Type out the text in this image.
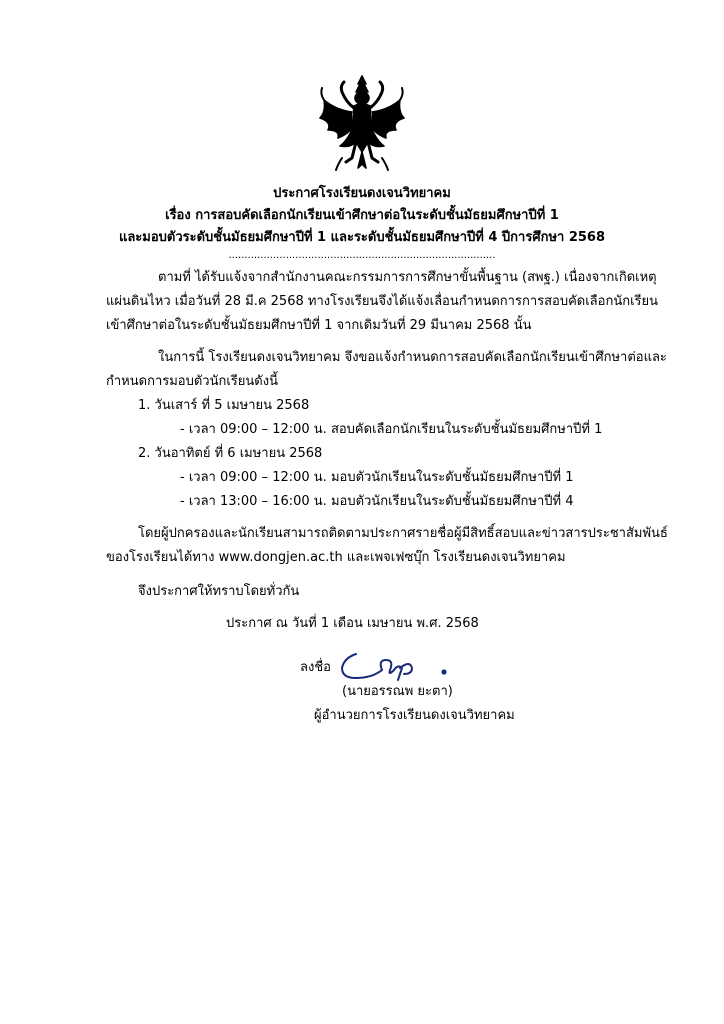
ประกาศโรงเรียนดงเจนวิทยาคม
เรื่อง การสอบคัดเลือกนักเรียนเข้าศึกษาต่อในระดับชั้นมัธยมศึกษาปีที่ 1
และมอบตัวระดับชั้นมัธยมศึกษาปีที่ 1 และระดับชั้นมัธยมศึกษาปีที่ 4 ปีการศึกษา 2568
....................................................................................
ตามที่ ได้รับแจ้งจากสำนักงานคณะกรรมการการศึกษาขั้นพื้นฐาน (สพฐ.) เนื่องจากเกิดเหตุ
แผ่นดินไหว เมื่อวันที่ 28 มี.ค 2568 ทางโรงเรียนจึงได้แจ้งเลื่อนกำหนดการการสอบคัดเลือกนักเรียน
เข้าศึกษาต่อในระดับชั้นมัธยมศึกษาปีที่ 1 จากเดิมวันที่ 29 มีนาคม 2568 นั้น
ในการนี้ โรงเรียนดงเจนวิทยาคม จึงขอแจ้งกำหนดการสอบคัดเลือกนักเรียนเข้าศึกษาต่อและ
กำหนดการมอบตัวนักเรียนดังนี้
1. วันเสาร์ ที่ 5 เมษายน 2568
- เวลา 09:00 – 12:00 น. สอบคัดเลือกนักเรียนในระดับชั้นมัธยมศึกษาปีที่ 1
2. วันอาทิตย์ ที่ 6 เมษายน 2568
- เวลา 09:00 – 12:00 น. มอบตัวนักเรียนในระดับชั้นมัธยมศึกษาปีที่ 1
- เวลา 13:00 – 16:00 น. มอบตัวนักเรียนในระดับชั้นมัธยมศึกษาปีที่ 4
โดยผู้ปกครองและนักเรียนสามารถติดตามประกาศรายชื่อผู้มีสิทธิ์สอบและข่าวสารประชาสัมพันธ์
ของโรงเรียนได้ทาง www.dongjen.ac.th และเพจเฟซบุ๊ก โรงเรียนดงเจนวิทยาคม
จึงประกาศให้ทราบโดยทั่วกัน
ประกาศ ณ วันที่ 1 เดือน เมษายน พ.ศ. 2568
ลงชื่อ
(นายอรรณพ ยะตา)
ผู้อำนวยการโรงเรียนดงเจนวิทยาคม
